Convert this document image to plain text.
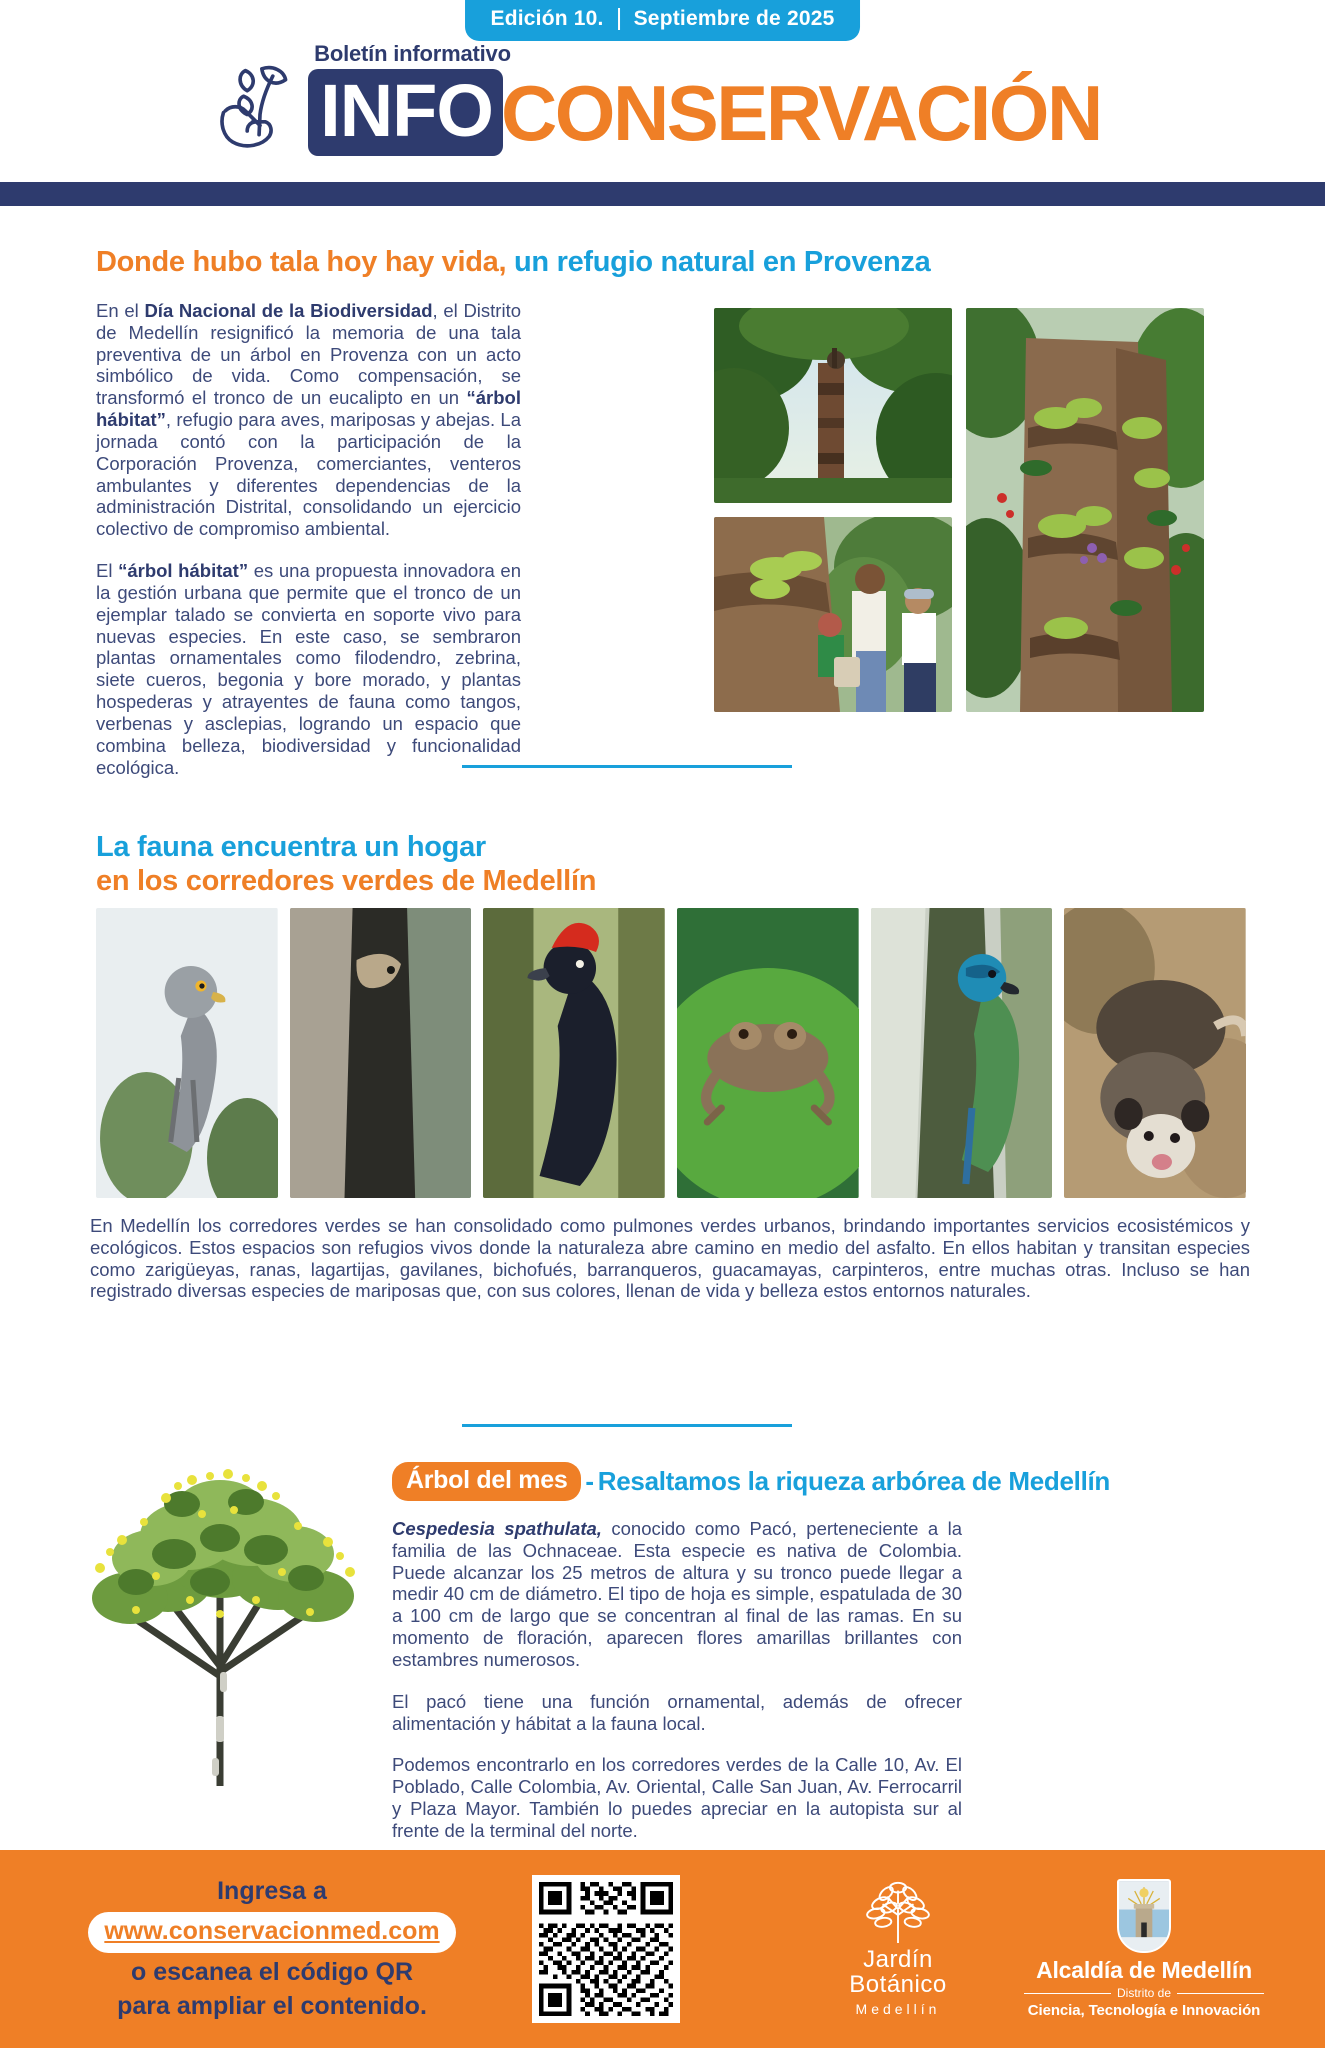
Edición 10. Septiembre de 2025
Boletín informativo
INFO CONSERVACIÓN
Donde hubo tala hoy hay vida, un refugio natural en Provenza

En el Día Nacional de la Biodiversidad, el Distrito de Medellín resignificó la memoria de una tala preventiva de un árbol en Provenza con un acto simbólico de vida. Como compensación, se transformó el tronco de un eucalipto en un “árbol hábitat”, refugio para aves, mariposas y abejas. La jornada contó con la participación de la Corporación Provenza, comerciantes, venteros ambulantes y diferentes dependencias de la administración Distrital, consolidando un ejercicio colectivo de compromiso ambiental.

El “árbol hábitat” es una propuesta innovadora en la gestión urbana que permite que el tronco de un ejemplar talado se convierta en soporte vivo para nuevas especies. En este caso, se sembraron plantas ornamentales como filodendro, zebrina, siete cueros, begonia y bore morado, y plantas hospederas y atrayentes de fauna como tangos, verbenas y asclepias, logrando un espacio que combina belleza, biodiversidad y funcionalidad ecológica.

La fauna encuentra un hogar
en los corredores verdes de Medellín

En Medellín los corredores verdes se han consolidado como pulmones verdes urbanos, brindando importantes servicios ecosistémicos y ecológicos. Estos espacios son refugios vivos donde la naturaleza abre camino en medio del asfalto. En ellos habitan y transitan especies como zarigüeyas, ranas, lagartijas, gavilanes, bichofués, barranqueros, guacamayas, carpinteros, entre muchas otras. Incluso se han registrado diversas especies de mariposas que, con sus colores, llenan de vida y belleza estos entornos naturales.

Árbol del mes - Resaltamos la riqueza arbórea de Medellín

Cespedesia spathulata, conocido como Pacó, perteneciente a la familia de las Ochnaceae. Esta especie es nativa de Colombia. Puede alcanzar los 25 metros de altura y su tronco puede llegar a medir 40 cm de diámetro. El tipo de hoja es simple, espatulada de 30 a 100 cm de largo que se concentran al final de las ramas. En su momento de floración, aparecen flores amarillas brillantes con estambres numerosos.

El pacó tiene una función ornamental, además de ofrecer alimentación y hábitat a la fauna local.

Podemos encontrarlo en los corredores verdes de la Calle 10, Av. El Poblado, Calle Colombia, Av. Oriental, Calle San Juan, Av. Ferrocarril y Plaza Mayor. También lo puedes apreciar en la autopista sur al frente de la terminal del norte.

Ingresa a
www.conservacionmed.com
o escanea el código QR
para ampliar el contenido.
Jardín
Botánico
Medellín
Alcaldía de Medellín
Distrito de
Ciencia, Tecnología e Innovación
